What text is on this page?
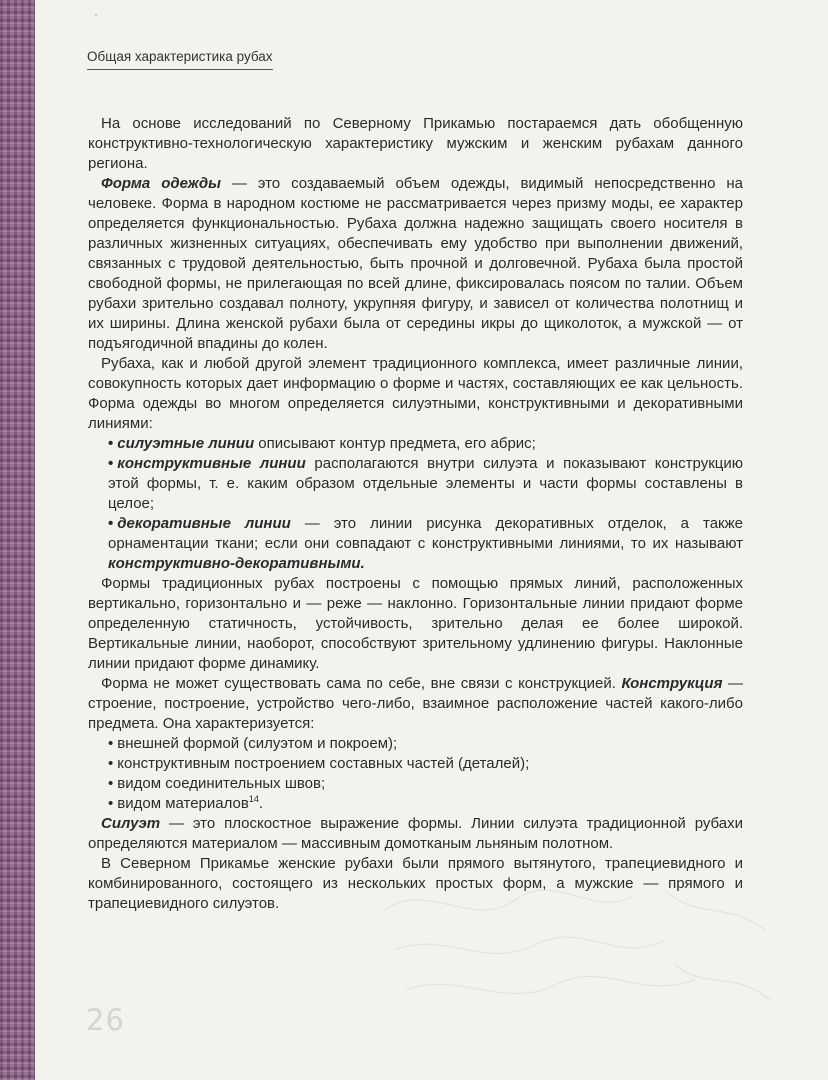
Общая характеристика рубах

На основе исследований по Северному Прикамью постараемся дать обобщенную конструктивно-технологическую характеристику мужским и женским рубахам данного региона.

Форма одежды — это создаваемый объем одежды, видимый непосредственно на человеке. Форма в народном костюме не рассматривается через призму моды, ее характер определяется функциональностью. Рубаха должна надежно защищать своего носителя в различных жизненных ситуациях, обеспечивать ему удобство при выполнении движений, связанных с трудовой деятельностью, быть прочной и долговечной. Рубаха была простой свободной формы, не прилегающая по всей длине, фиксировалась поясом по талии. Объем рубахи зрительно создавал полноту, укрупняя фигуру, и зависел от количества полотнищ и их ширины. Длина женской рубахи была от середины икры до щиколоток, а мужской — от подъягодичной впадины до колен.

Рубаха, как и любой другой элемент традиционного комплекса, имеет различные линии, совокупность которых дает информацию о форме и частях, составляющих ее как цельность. Форма одежды во многом определяется силуэтными, конструктивными и декоративными линиями:

• силуэтные линии описывают контур предмета, его абрис;
• конструктивные линии располагаются внутри силуэта и показывают конструкцию этой формы, т. е. каким образом отдельные элементы и части формы составлены в целое;
• декоративные линии — это линии рисунка декоративных отделок, а также орнаментации ткани; если они совпадают с конструктивными линиями, то их называют конструктивно-декоративными.

Формы традиционных рубах построены с помощью прямых линий, расположенных вертикально, горизонтально и — реже — наклонно. Горизонтальные линии придают форме определенную статичность, устойчивость, зрительно делая ее более широкой. Вертикальные линии, наоборот, способствуют зрительному удлинению фигуры. Наклонные линии придают форме динамику.

Форма не может существовать сама по себе, вне связи с конструкцией. Конструкция — строение, построение, устройство чего-либо, взаимное расположение частей какого-либо предмета. Она характеризуется:

• внешней формой (силуэтом и покроем);
• конструктивным построением составных частей (деталей);
• видом соединительных швов;
• видом материалов$^{14}$.

Силуэт — это плоскостное выражение формы. Линии силуэта традиционной рубахи определяются материалом — массивным домотканым льняным полотном.

В Северном Прикамье женские рубахи были прямого вытянутого, трапециевидного и комбинированного, состоящего из нескольких простых форм, а мужские — прямого и трапециевидного силуэтов.

26
